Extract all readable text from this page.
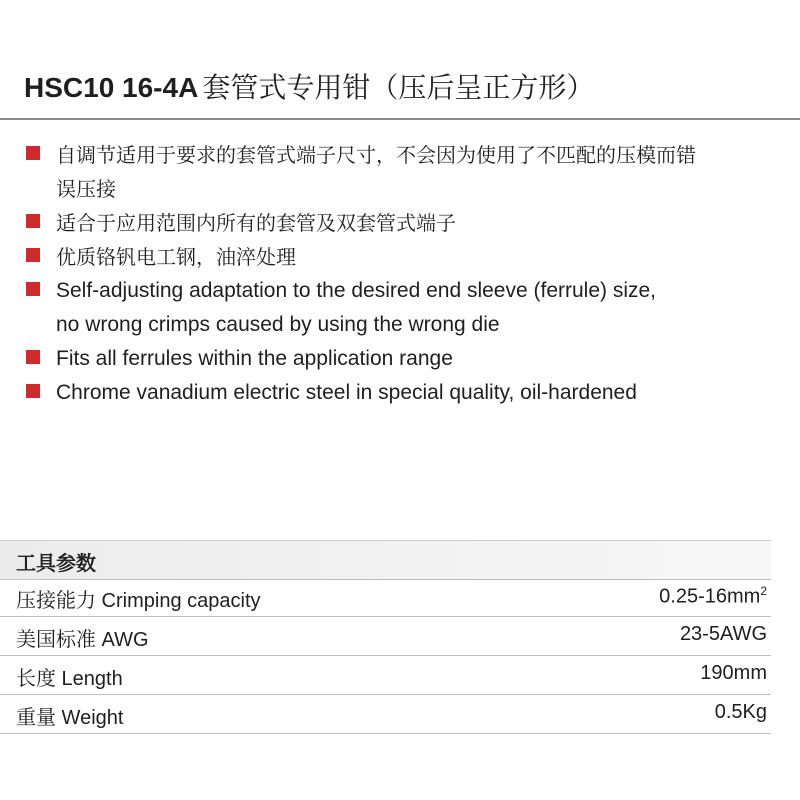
HSC10 16-4A 套管式专用钳（压后呈正方形）
自调节适用于要求的套管式端子尺寸，不会因为使用了不匹配的压模而错
误压接
适合于应用范围内所有的套管及双套管式端子
优质铬钒电工钢，油淬处理
Self-adjusting adaptation to the desired end sleeve (ferrule) size,
no wrong crimps caused by using the wrong die
Fits all ferrules within the application range
Chrome vanadium electric steel in special quality, oil-hardened
工具参数
压接能力 Crimping capacity	$0.25-16mm^2$
美国标准 AWG	23-5AWG
长度 Length	190mm
重量 Weight	0.5Kg
